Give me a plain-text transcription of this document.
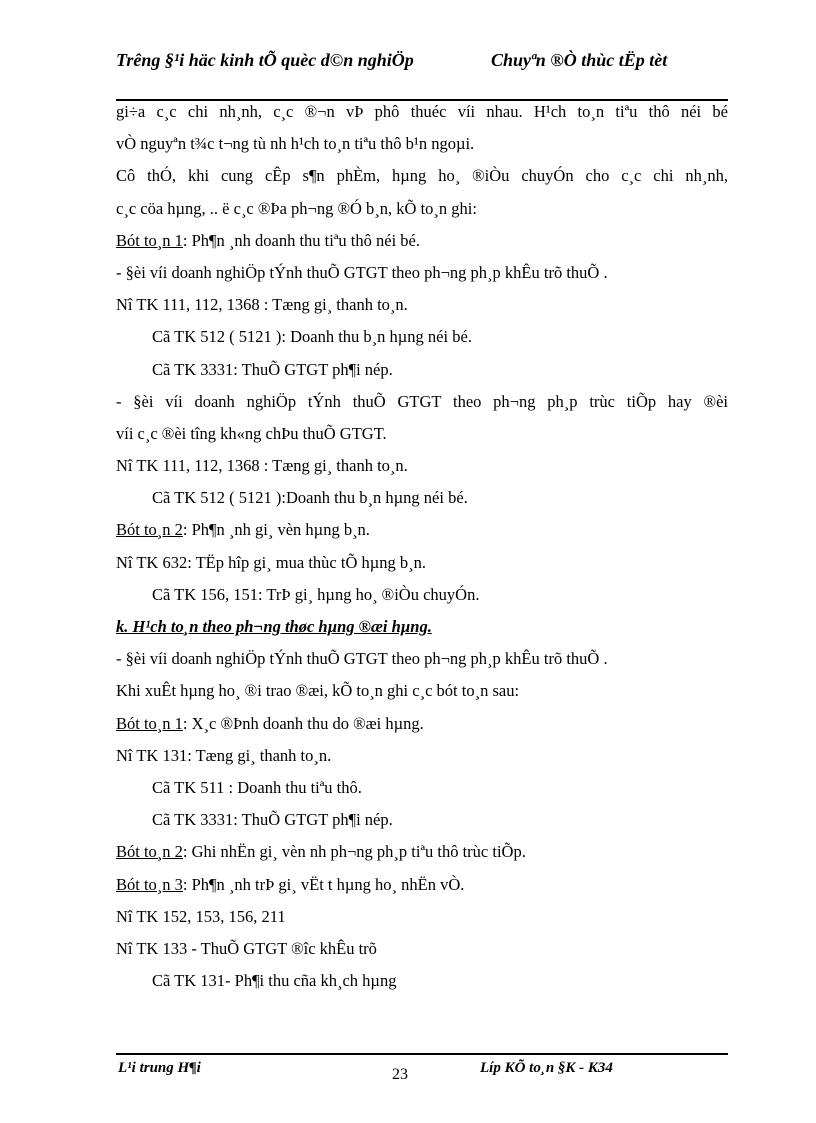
Trêng §¹i häc kinh tÕ quèc d©n nghiÖp	Chuyªn ®Ò thùc tËp tèt
gi÷a c¸c chi nh¸nh, c¸c ®¬n vÞ phô thuéc víi nhau. H¹ch to¸n tiªu thô néi bé
vÒ nguyªn t¾c t¬ng tù nh h¹ch to¸n tiªu thô b¹n ngoµi.
Cô thÓ, khi cung cÊp s¶n phÈm, hµng ho¸ ®iÒu chuyÓn cho c¸c chi nh¸nh,
c¸c cöa hµng, .. ë c¸c ®Þa ph¬ng ®Ó b¸n, kÕ to¸n ghi:
Bót to¸n 1: Ph¶n ¸nh doanh thu tiªu thô néi bé.
- §èi víi doanh nghiÖp tÝnh thuÕ GTGT theo ph¬ng ph¸p khÊu trõ thuÕ .
Nî TK 111, 112, 1368 : Tæng gi¸ thanh to¸n.
Cã TK 512 ( 5121 ): Doanh thu b¸n hµng néi bé.
Cã TK 3331: ThuÕ GTGT ph¶i nép.
- §èi víi doanh nghiÖp tÝnh thuÕ GTGT theo ph¬ng ph¸p trùc tiÕp hay ®èi
víi c¸c ®èi tîng kh«ng chÞu thuÕ GTGT.
Nî TK 111, 112, 1368 : Tæng gi¸ thanh to¸n.
Cã TK 512 ( 5121 ):Doanh thu b¸n hµng néi bé.
Bót to¸n 2: Ph¶n ¸nh gi¸ vèn hµng b¸n.
Nî TK 632: TËp hîp gi¸ mua thùc tÕ hµng b¸n.
Cã TK 156, 151: TrÞ gi¸ hµng ho¸ ®iÒu chuyÓn.
k. H¹ch to¸n theo ph¬ng thøc hµng ®æi hµng.
- §èi víi doanh nghiÖp tÝnh thuÕ GTGT theo ph¬ng ph¸p khÊu trõ thuÕ .
Khi xuÊt hµng ho¸ ®i trao ®æi, kÕ to¸n ghi c¸c bót to¸n sau:
Bót to¸n 1: X¸c ®Þnh doanh thu do ®æi hµng.
Nî TK 131: Tæng gi¸ thanh to¸n.
Cã TK 511 : Doanh thu tiªu thô.
Cã TK 3331: ThuÕ GTGT ph¶i nép.
Bót to¸n 2: Ghi nhËn gi¸ vèn nh ph¬ng ph¸p tiªu thô trùc tiÕp.
Bót to¸n 3: Ph¶n ¸nh trÞ gi¸ vËt t hµng ho¸ nhËn vÒ.
Nî TK 152, 153, 156, 211
Nî TK 133 - ThuÕ GTGT ®îc khÊu trõ
Cã TK 131- Ph¶i thu cña kh¸ch hµng
L¹i trung H¶i	23	Líp KÕ to¸n §K - K34
